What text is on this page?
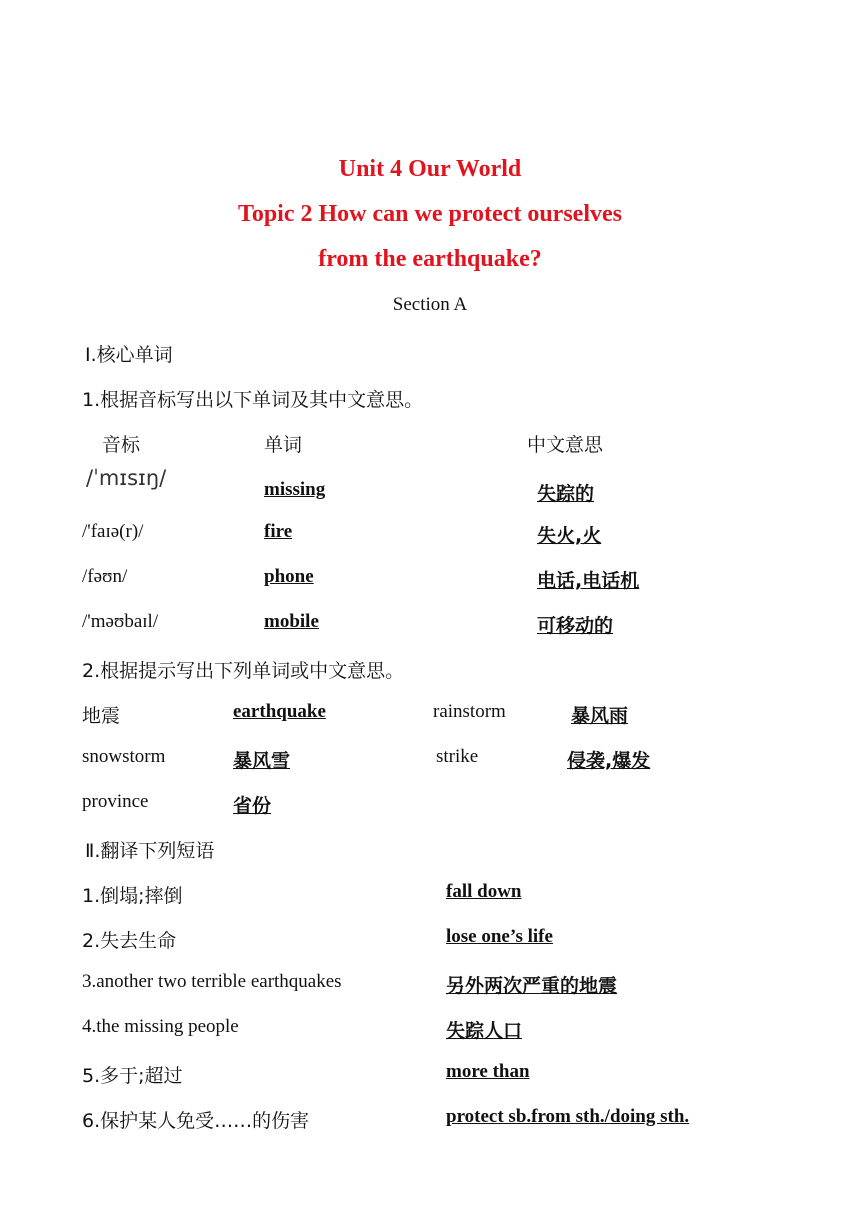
Unit 4 Our World
Topic 2 How can we protect ourselves
from the earthquake?
Section A
Ⅰ.核心单词
1.根据音标写出以下单词及其中文意思。
音标	单词	中文意思
/ˈmɪsɪŋ/	missing	失踪的
/'faɪə(r)/	fire	失火,火
/fəʊn/	phone	电话,电话机
/'məʊbaɪl/	mobile	可移动的
2.根据提示写出下列单词或中文意思。
地震	earthquake	rainstorm	暴风雨
snowstorm	暴风雪	strike	侵袭,爆发
province	省份
Ⅱ.翻译下列短语
1.倒塌;摔倒	fall down
2.失去生命	lose one’s life
3.another two terrible earthquakes	另外两次严重的地震
4.the missing people	失踪人口
5.多于;超过	more than
6.保护某人免受……的伤害	protect sb.from sth./doing sth.
